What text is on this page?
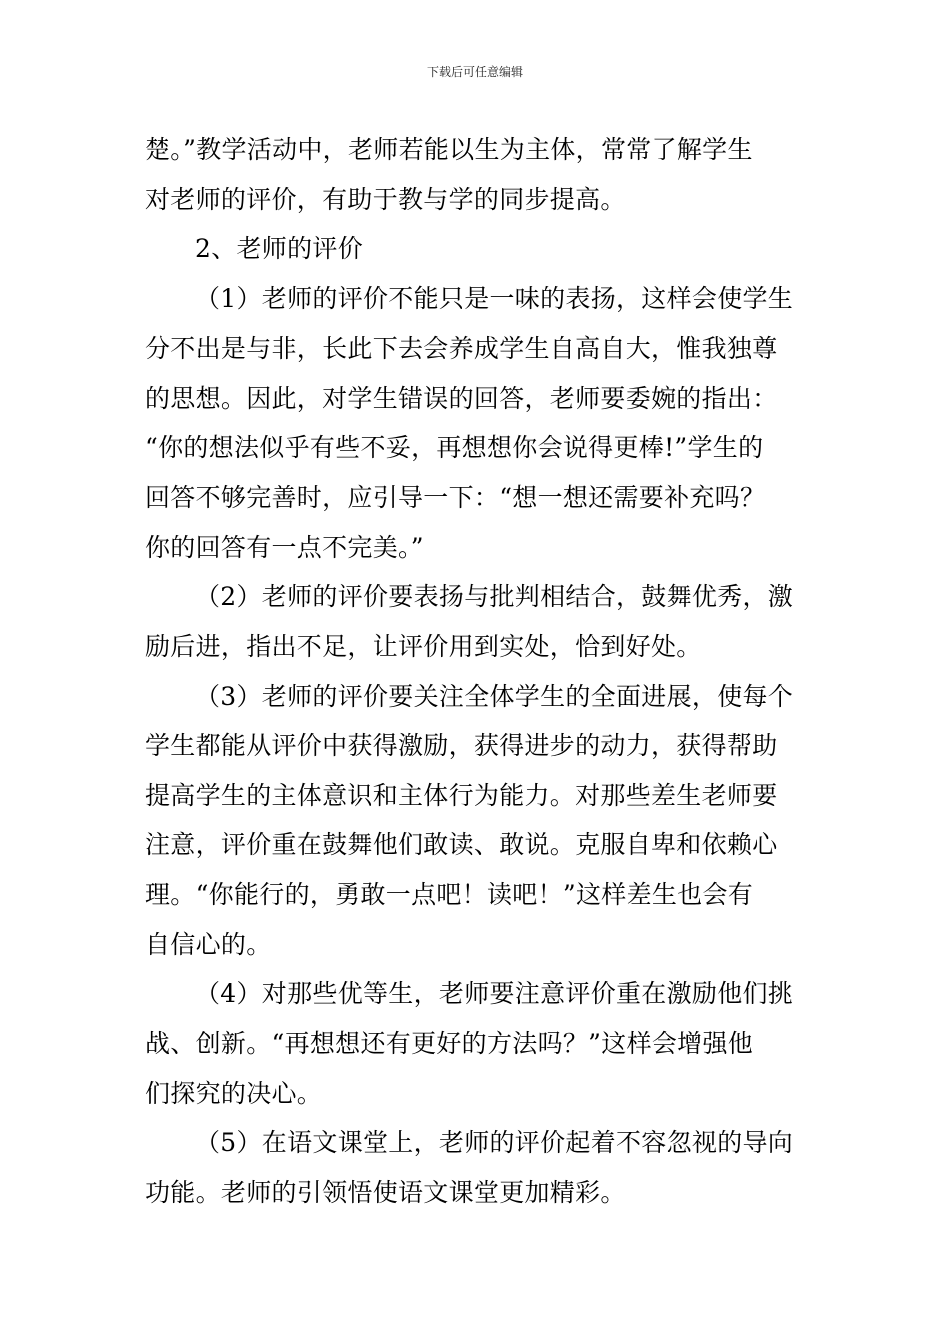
下载后可任意编辑
楚。”教学活动中，老师若能以生为主体，常常了解学生
对老师的评价，有助于教与学的同步提高。
2、老师的评价
（1）老师的评价不能只是一味的表扬，这样会使学生
分不出是与非，长此下去会养成学生自高自大，惟我独尊
的思想。因此，对学生错误的回答，老师要委婉的指出：
“你的想法似乎有些不妥，再想想你会说得更棒!”学生的
回答不够完善时，应引导一下：“想一想还需要补充吗？
你的回答有一点不完美。”
（2）老师的评价要表扬与批判相结合，鼓舞优秀，激
励后进，指出不足，让评价用到实处，恰到好处。
（3）老师的评价要关注全体学生的全面进展，使每个
学生都能从评价中获得激励，获得进步的动力，获得帮助
提高学生的主体意识和主体行为能力。对那些差生老师要
注意，评价重在鼓舞他们敢读、敢说。克服自卑和依赖心
理。“你能行的，勇敢一点吧！读吧！”这样差生也会有
自信心的。
（4）对那些优等生，老师要注意评价重在激励他们挑
战、创新。“再想想还有更好的方法吗？”这样会增强他
们探究的决心。
（5）在语文课堂上，老师的评价起着不容忽视的导向
功能。老师的引领悟使语文课堂更加精彩。
